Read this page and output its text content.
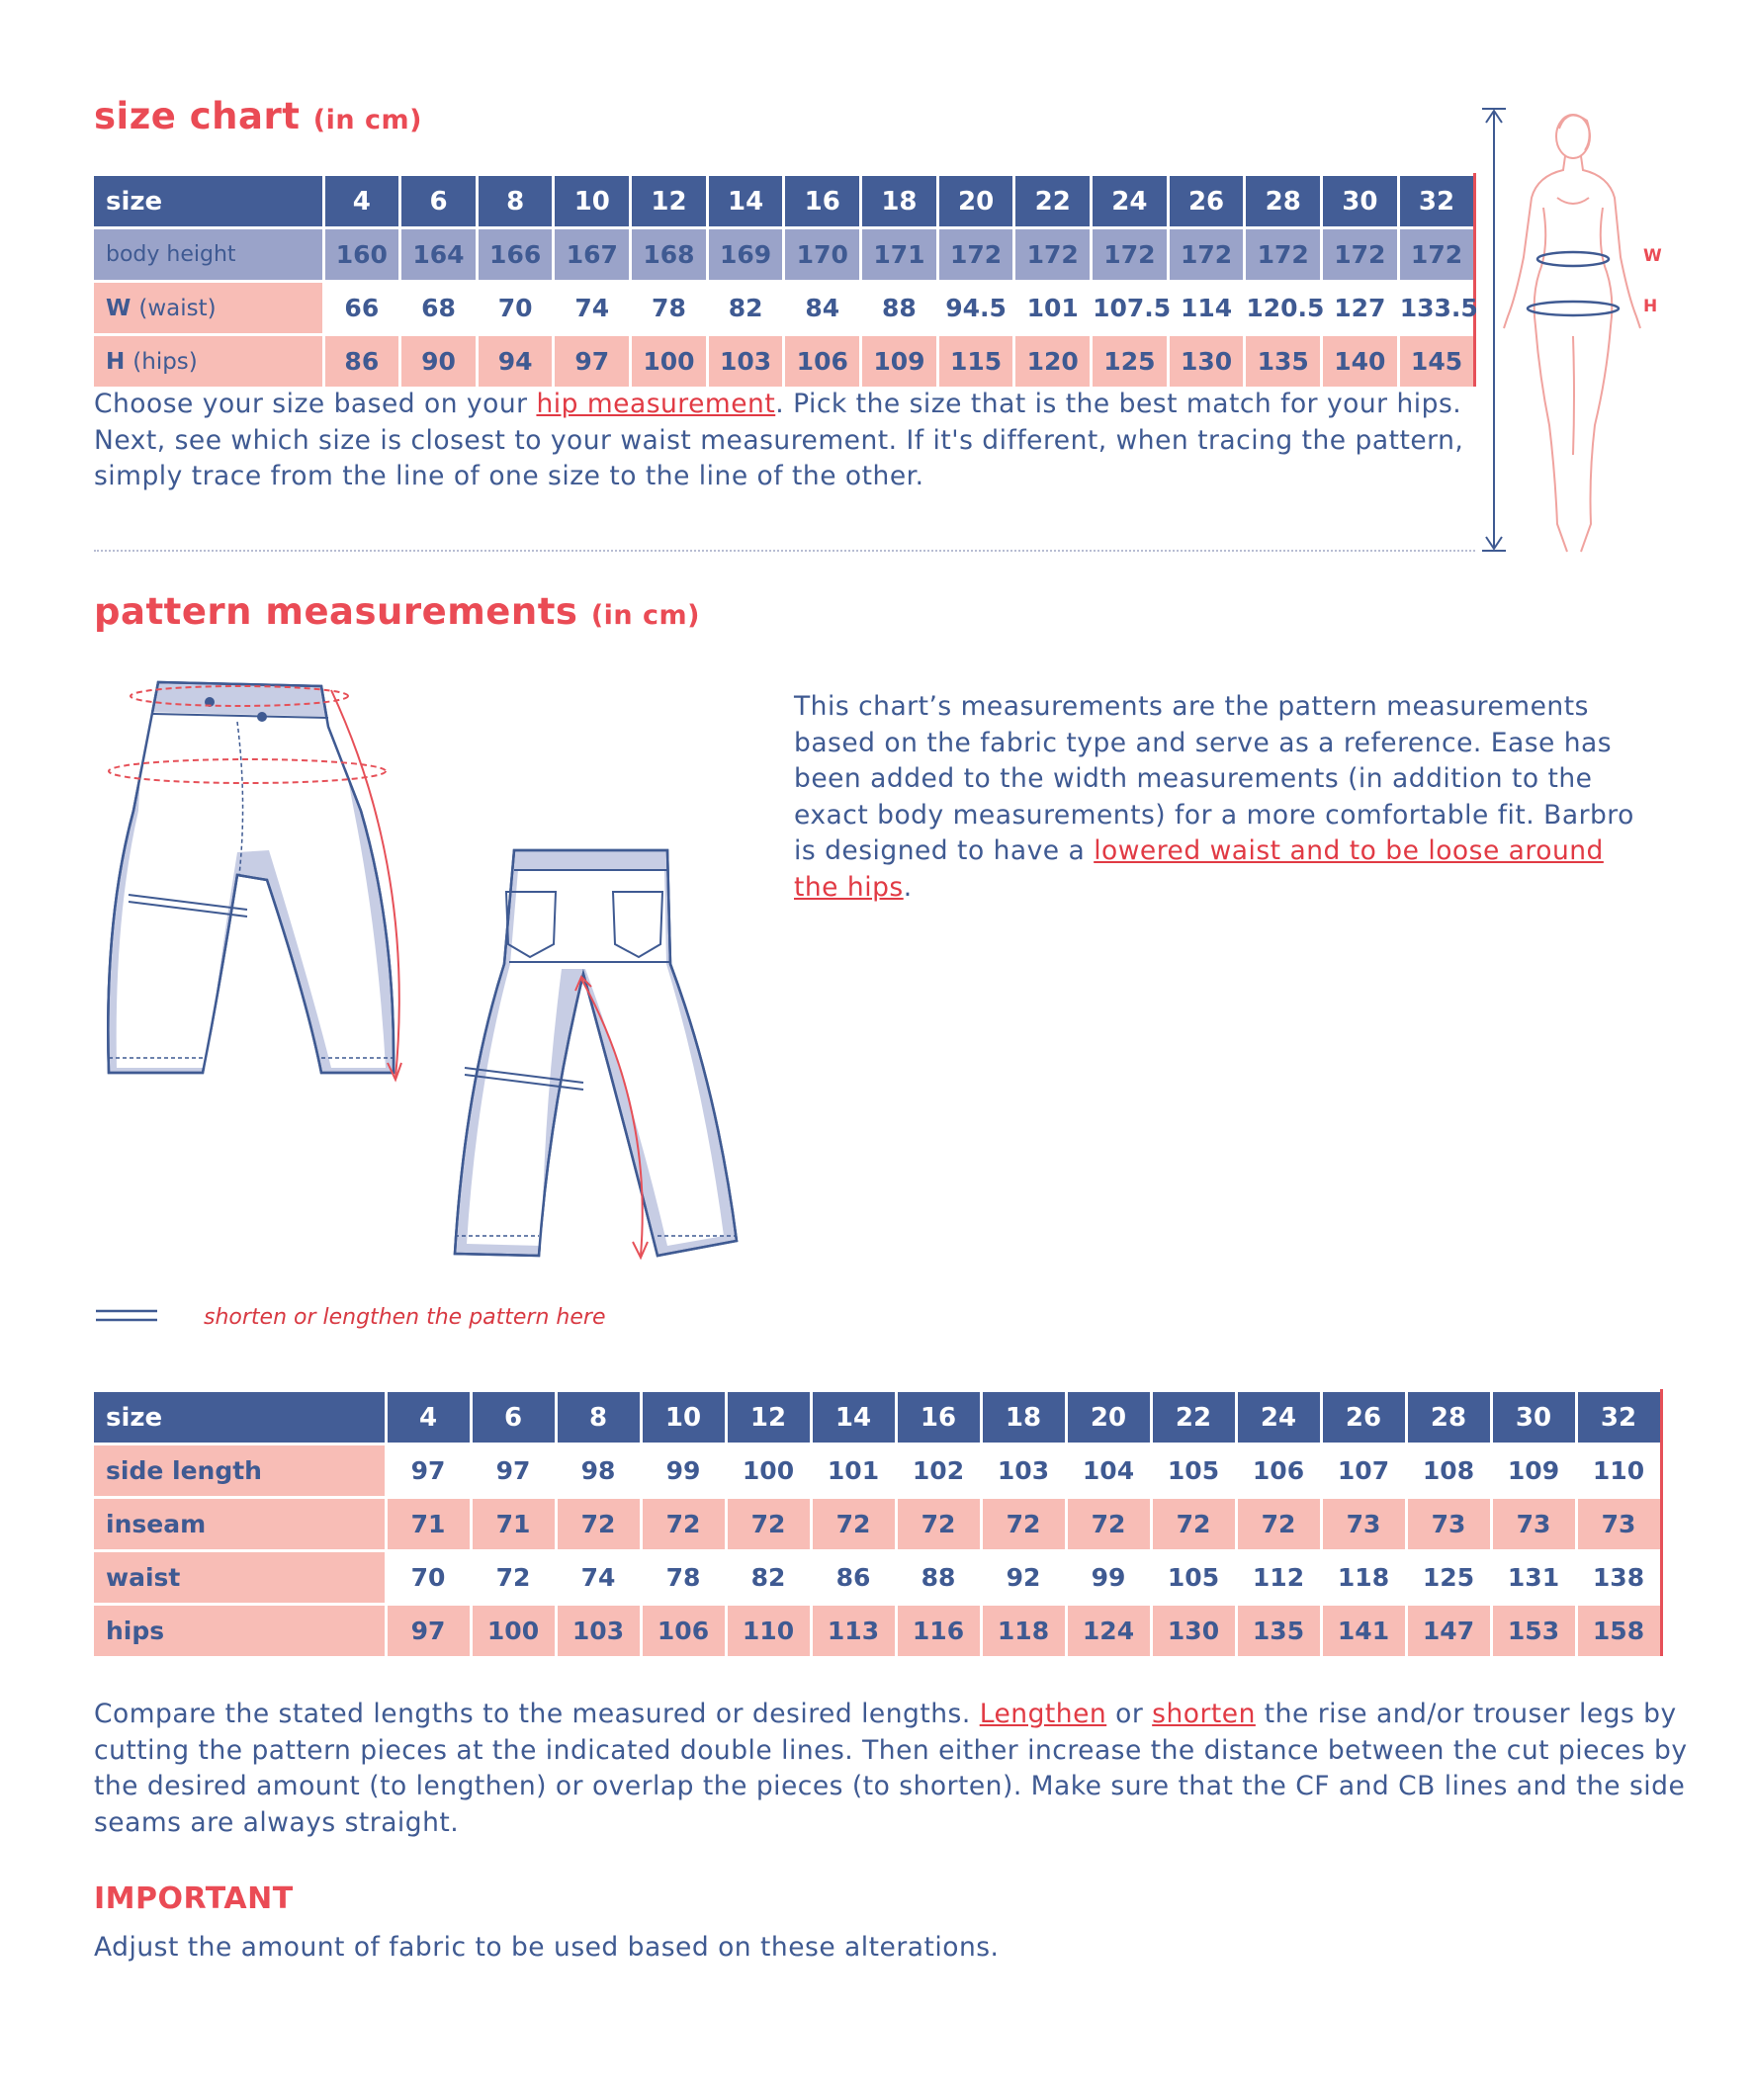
size chart (in cm)
size	4	6	8	10	12	14	16	18	20	22	24	26	28	30	32
body height	160	164	166	167	168	169	170	171	172	172	172	172	172	172	172
W (waist)	66	68	70	74	78	82	84	88	94.5	101	107.5	114	120.5	127	133.5
H (hips)	86	90	94	97	100	103	106	109	115	120	125	130	135	140	145
Choose your size based on your hip measurement. Pick the size that is the best match for your hips.
Next, see which size is closest to your waist measurement. If it's different, when tracing the pattern,
simply trace from the line of one size to the line of the other.
W
H
pattern measurements (in cm)
This chart’s measurements are the pattern measurements
based on the fabric type and serve as a reference. Ease has
been added to the width measurements (in addition to the
exact body measurements) for a more comfortable fit. Barbro
is designed to have a lowered waist and to be loose around
the hips.
shorten or lengthen the pattern here
size	4	6	8	10	12	14	16	18	20	22	24	26	28	30	32
side length	97	97	98	99	100	101	102	103	104	105	106	107	108	109	110
inseam	71	71	72	72	72	72	72	72	72	72	72	73	73	73	73
waist	70	72	74	78	82	86	88	92	99	105	112	118	125	131	138
hips	97	100	103	106	110	113	116	118	124	130	135	141	147	153	158
Compare the stated lengths to the measured or desired lengths. Lengthen or shorten the rise and/or trouser legs by
cutting the pattern pieces at the indicated double lines. Then either increase the distance between the cut pieces by
the desired amount (to lengthen) or overlap the pieces (to shorten). Make sure that the CF and CB lines and the side
seams are always straight.
IMPORTANT
Adjust the amount of fabric to be used based on these alterations.
